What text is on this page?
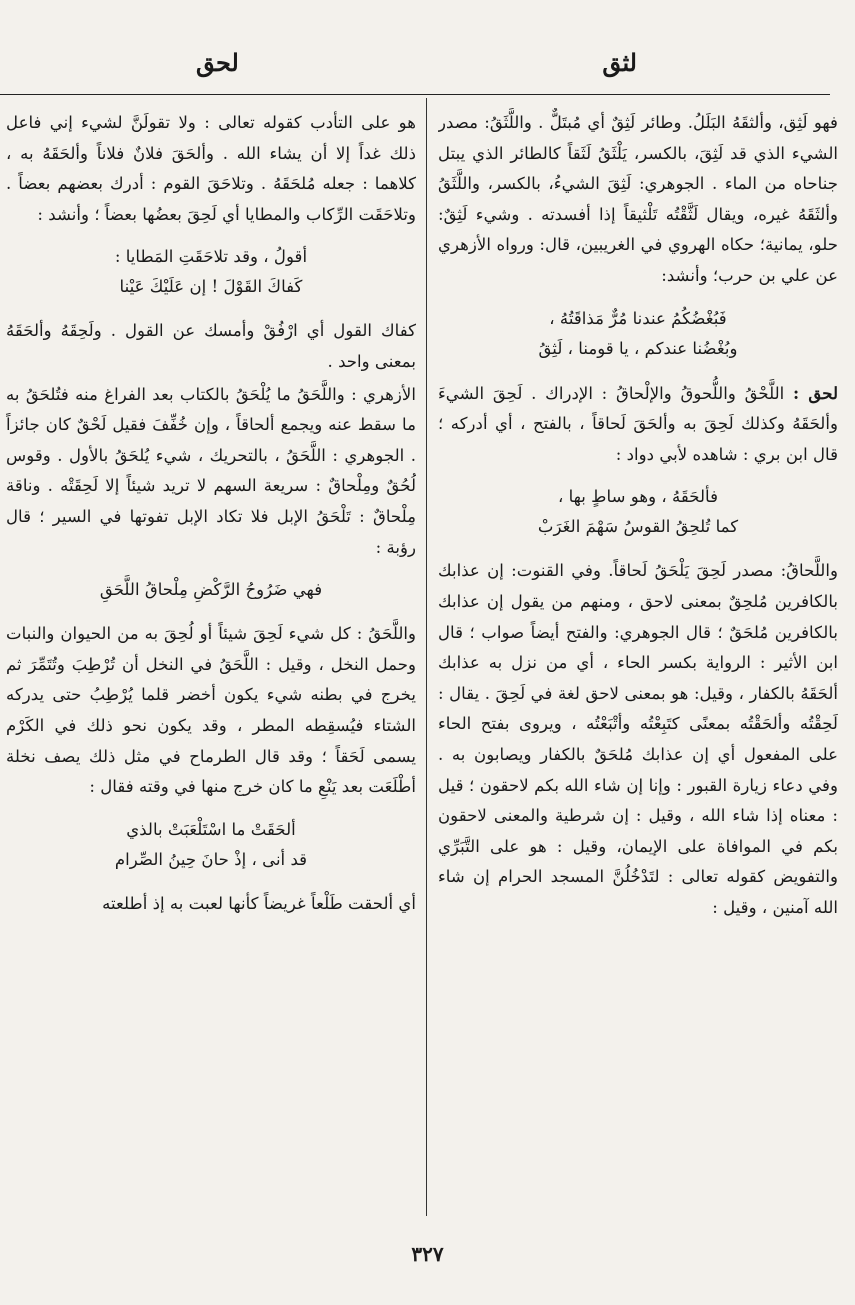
لثق
لحق

فهو لَثِق، وألثقَهُ البَلَلُ. وطائر لَثِقٌ أي مُبتَلٌّ . واللَّثَقُ: مصدر الشيء الذي قد لَثِقَ، بالكسر، يَلْثَقُ لَثَقاً كالطائر الذي يبتل جناحاه من الماء . الجوهري: لَثِقَ الشيءُ، بالكسر، واللَّثَقُ وألثَقَهُ غيره، ويقال لَثَّقْتُه تَلْثيقاً إذا أفسدته . وشيء لَثِقٌ: حلو، يمانية؛ حكاه الهروي في الغريبين، قال: ورواه الأزهري عن علي بن حرب؛ وأنشد:

فَبُغْضُكُمُ عندنا مُرٌّ مَذاقَتُهُ ،
وبُغْضُنا عندكم ، يا قومنا ، لَثِقُ

لحق : اللَّحْقُ واللُّحوقُ والإلْحاقُ : الإدراك . لَحِقَ الشيءَ وألحَقَهُ وكذلك لَحِقَ به وألحَقَ لَحاقاً ، بالفتح ، أي أدركه ؛ قال ابن بري : شاهده لأبي دواد :

فألحَقَهُ ، وهو ساطٍ بها ،
كما تُلحِقُ القوسُ سَهْمَ الغَرَبْ

واللَّحاقُ: مصدر لَحِقَ يَلْحَقُ لَحاقاً. وفي القنوت: إن عذابك بالكافرين مُلحِقٌ بمعنى لاحق ، ومنهم من يقول إن عذابك بالكافرين مُلحَقٌ ؛ قال الجوهري: والفتح أيضاً صواب ؛ قال ابن الأثير : الرواية بكسر الحاء ، أي من نزل به عذابك ألحَقَهُ بالكفار ، وقيل: هو بمعنى لاحق لغة في لَحِقَ . يقال : لَحِقْتُه وألحَقْتُه بمعنًى كتَبِعْتُه وأتْبَعْتُه ، ويروى بفتح الحاء على المفعول أي إن عذابك مُلحَقٌ بالكفار ويصابون به . وفي دعاء زيارة القبور : وإنا إن شاء الله بكم لاحقون ؛ قيل : معناه إذا شاء الله ، وقيل : إن شرطية والمعنى لاحقون بكم في الموافاة على الإيمان، وقيل : هو على التَّبَرِّي والتفويض كقوله تعالى : لتَدْخُلُنَّ المسجد الحرام إن شاء الله آمنين ، وقيل :

هو على التأدب كقوله تعالى : ولا تقولَنَّ لشيء إني فاعل ذلك غداً إلا أن يشاء الله . وألحَقَ فلانٌ فلاناً وألحَقَهُ به ، كلاهما : جعله مُلحَقَهُ . وتلاحَقَ القوم : أدرك بعضهم بعضاً . وتلاحَقَت الرِّكاب والمطايا أي لَحِقَ بعضُها بعضاً ؛ وأنشد :

أقولُ ، وقد تلاحَقَتِ المَطايا :
كَفاكَ القَوْلَ ! إن عَلَيْكَ عَيْنا

كفاك القول أي ارْفُقْ وأمسك عن القول . ولَحِقَهُ وألحَقَهُ بمعنى واحد .

الأزهري : واللَّحَقُ ما يُلْحَقُ بالكتاب بعد الفراغ منه فتُلحَقُ به ما سقط عنه ويجمع ألحاقاً ، وإن خُفِّفَ فقيل لَحْقٌ كان جائزاً . الجوهري : اللَّحَقُ ، بالتحريك ، شيء يُلحَقُ بالأول . وقوس لُحُقٌ ومِلْحاقٌ : سريعة السهم لا تريد شيئاً إلا لَحِقَتْه . وناقة مِلْحاقٌ : تَلْحَقُ الإبل فلا تكاد الإبل تفوتها في السير ؛ قال رؤبة :

فهي ضَرُوحُ الرَّكْضِ مِلْحاقُ اللَّحَقِ

واللَّحَقُ : كل شيء لَحِقَ شيئاً أو لُحِقَ به من الحيوان والنبات وحمل النخل ، وقيل : اللَّحَقُ في النخل أن تُرْطِبَ وتُتَمِّرَ ثم يخرج في بطنه شيء يكون أخضر قلما يُرْطِبُ حتى يدركه الشتاء فيُسقِطه المطر ، وقد يكون نحو ذلك في الكَرْم يسمى لَحَقاً ؛ وقد قال الطرماح في مثل ذلك يصف نخلة أطْلَعَت بعد يَنْعِ ما كان خرج منها في وقته فقال :

ألحَقَتْ ما اسْتَلْعَبَتْ بالذي
قد أنى ، إذْ حانَ حِينُ الصِّرام

أي ألحقت طَلْعاً غريضاً كأنها لعبت به إذ أطلعته

٣٢٧
